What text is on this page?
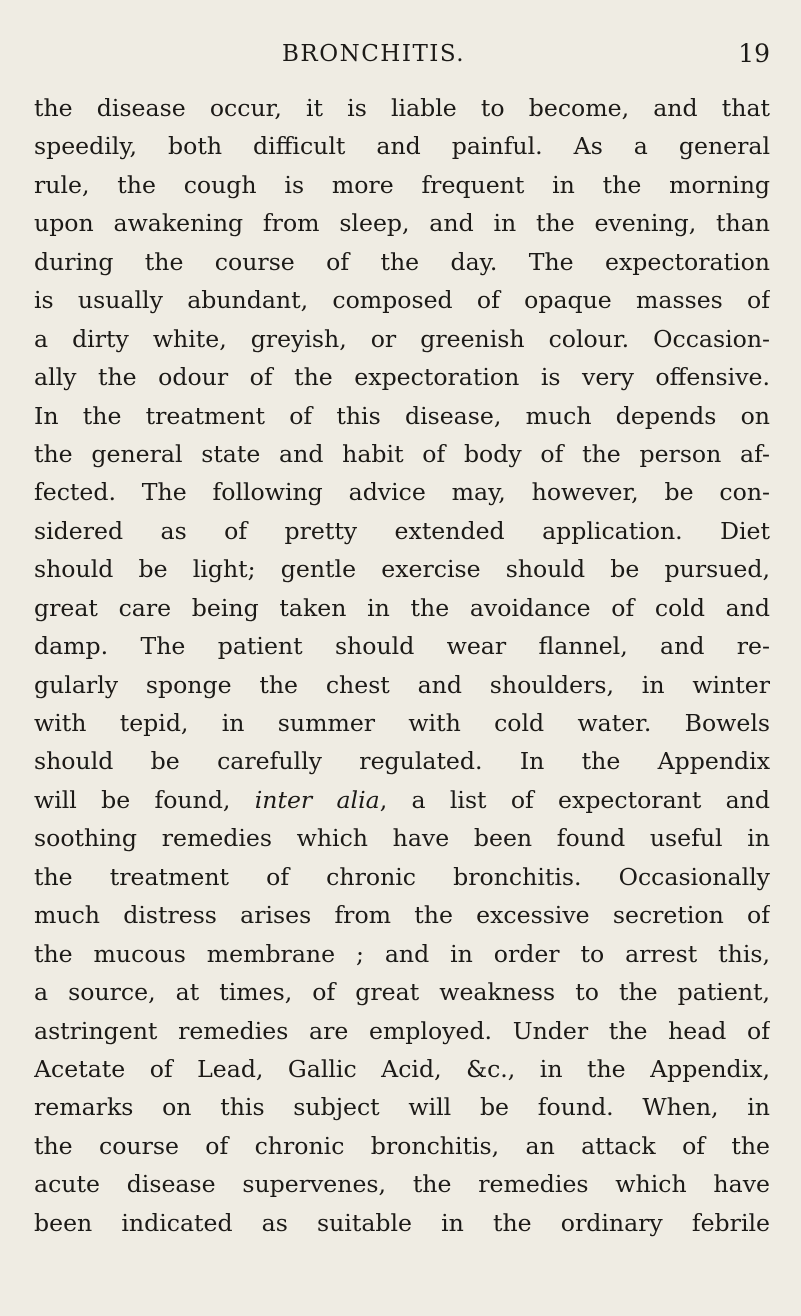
BRONCHITIS.	19
the disease occur, it is liable to become, and that
speedily, both difficult and painful. As a general
rule, the cough is more frequent in the morning
upon awakening from sleep, and in the evening, than
during the course of the day. The expectoration
is usually abundant, composed of opaque masses of
a dirty white, greyish, or greenish colour. Occasion-
ally the odour of the expectoration is very offensive.
In the treatment of this disease, much depends on
the general state and habit of body of the person af-
fected. The following advice may, however, be con-
sidered as of pretty extended application. Diet
should be light; gentle exercise should be pursued,
great care being taken in the avoidance of cold and
damp. The patient should wear flannel, and re-
gularly sponge the chest and shoulders, in winter
with tepid, in summer with cold water. Bowels
should be carefully regulated. In the Appendix
will be found, inter alia, a list of expectorant and
soothing remedies which have been found useful in
the treatment of chronic bronchitis. Occasionally
much distress arises from the excessive secretion of
the mucous membrane ; and in order to arrest this,
a source, at times, of great weakness to the patient,
astringent remedies are employed. Under the head of
Acetate of Lead, Gallic Acid, &c., in the Appendix,
remarks on this subject will be found. When, in
the course of chronic bronchitis, an attack of the
acute disease supervenes, the remedies which have
been indicated as suitable in the ordinary febrile
